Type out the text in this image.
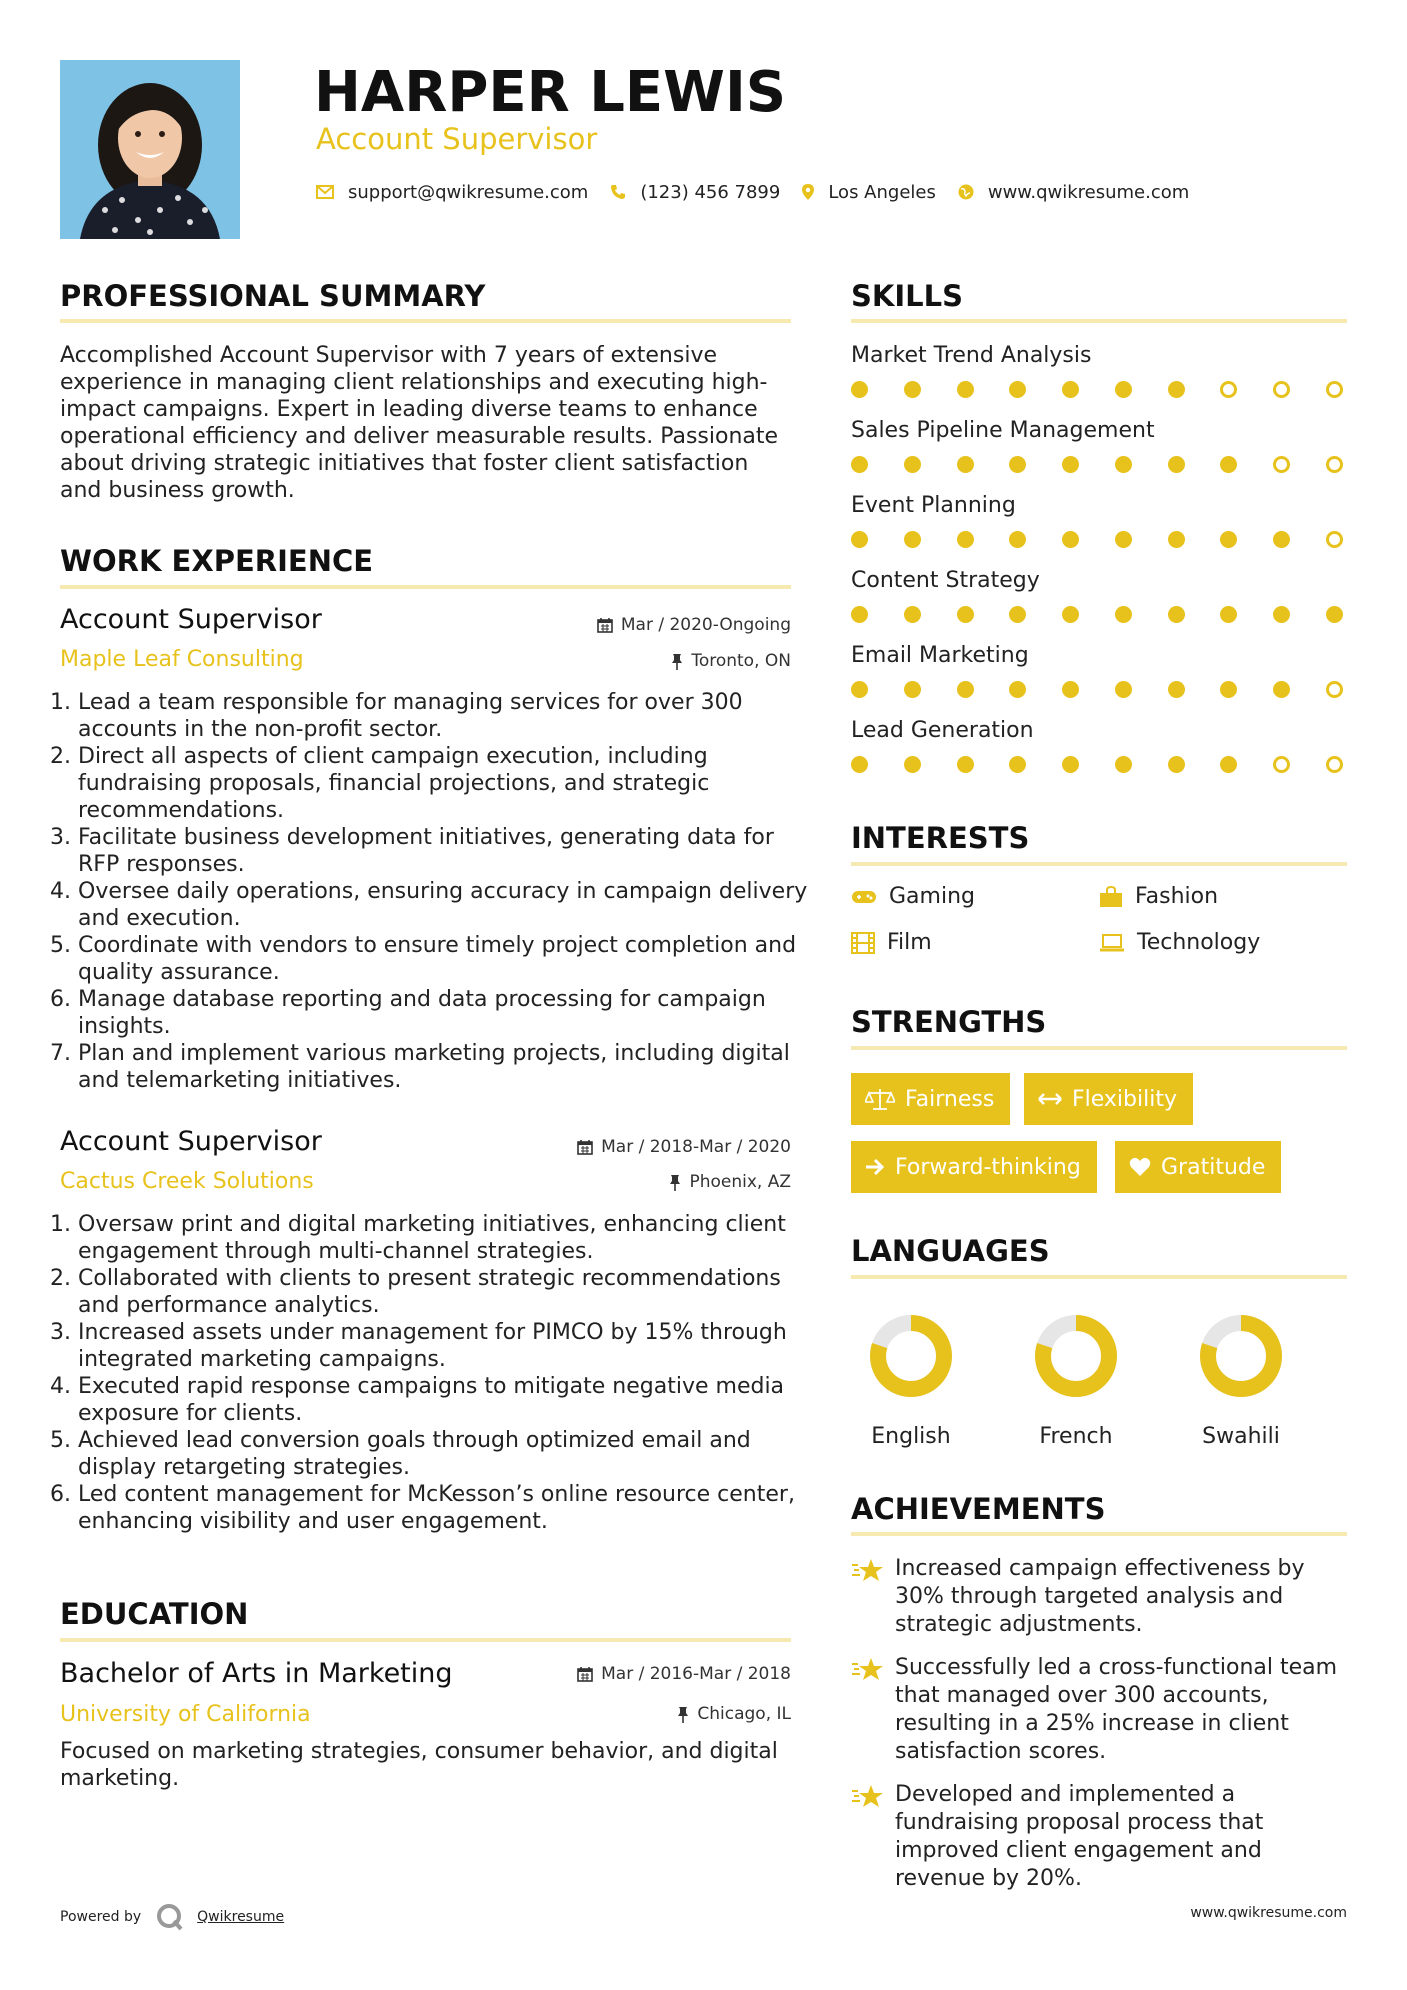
HARPER LEWIS
Account Supervisor
support@qwikresume.com	(123) 456 7899	Los Angeles	www.qwikresume.com
PROFESSIONAL SUMMARY
Accomplished Account Supervisor with 7 years of extensive experience in managing client relationships and executing high-impact campaigns. Expert in leading diverse teams to enhance operational efficiency and deliver measurable results. Passionate about driving strategic initiatives that foster client satisfaction and business growth.
WORK EXPERIENCE
Account Supervisor	Mar / 2020-Ongoing
Maple Leaf Consulting	Toronto, ON
1. Lead a team responsible for managing services for over 300 accounts in the non-profit sector.
2. Direct all aspects of client campaign execution, including fundraising proposals, financial projections, and strategic recommendations.
3. Facilitate business development initiatives, generating data for RFP responses.
4. Oversee daily operations, ensuring accuracy in campaign delivery and execution.
5. Coordinate with vendors to ensure timely project completion and quality assurance.
6. Manage database reporting and data processing for campaign insights.
7. Plan and implement various marketing projects, including digital and telemarketing initiatives.
Account Supervisor	Mar / 2018-Mar / 2020
Cactus Creek Solutions	Phoenix, AZ
1. Oversaw print and digital marketing initiatives, enhancing client engagement through multi-channel strategies.
2. Collaborated with clients to present strategic recommendations and performance analytics.
3. Increased assets under management for PIMCO by 15% through integrated marketing campaigns.
4. Executed rapid response campaigns to mitigate negative media exposure for clients.
5. Achieved lead conversion goals through optimized email and display retargeting strategies.
6. Led content management for McKesson’s online resource center, enhancing visibility and user engagement.
EDUCATION
Bachelor of Arts in Marketing	Mar / 2016-Mar / 2018
University of California	Chicago, IL
Focused on marketing strategies, consumer behavior, and digital marketing.
SKILLS
Market Trend Analysis
Sales Pipeline Management
Event Planning
Content Strategy
Email Marketing
Lead Generation
INTERESTS
Gaming	Fashion
Film	Technology
STRENGTHS
Fairness	Flexibility
Forward-thinking	Gratitude
LANGUAGES
English	French	Swahili
ACHIEVEMENTS
Increased campaign effectiveness by 30% through targeted analysis and strategic adjustments.
Successfully led a cross-functional team that managed over 300 accounts, resulting in a 25% increase in client satisfaction scores.
Developed and implemented a fundraising proposal process that improved client engagement and revenue by 20%.
Powered by	Qwikresume	www.qwikresume.com
